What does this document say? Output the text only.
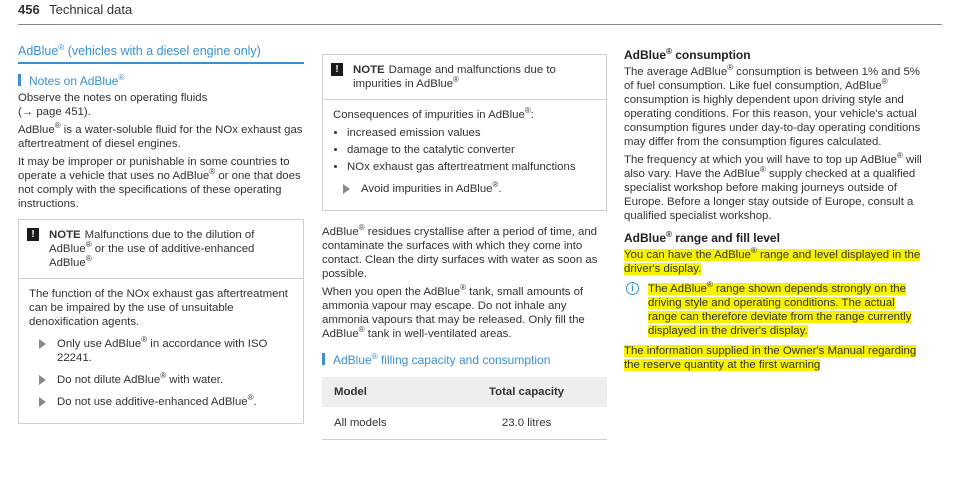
456 Technical data
AdBlue® (vehicles with a diesel engine only)
Notes on AdBlue®

Observe the notes on operating fluids
(→ page 451).

AdBlue® is a water-soluble fluid for the NOx exhaust gas aftertreatment of diesel engines.

It may be improper or punishable in some countries to operate a vehicle that uses no AdBlue® or one that does not comply with the specifications of these operating instructions.

!	NOTE Malfunctions due to the dilution of AdBlue® or the use of additive-enhanced AdBlue®

The function of the NOx exhaust gas aftertreatment can be impaired by the use of unsuitable denoxification agents.

Only use AdBlue® in accordance with ISO 22241.
Do not dilute AdBlue® with water.
Do not use additive-enhanced AdBlue®.
!	NOTE Damage and malfunctions due to impurities in AdBlue®

Consequences of impurities in AdBlue®:

• increased emission values
• damage to the catalytic converter
• NOx exhaust gas aftertreatment malfunctions
Avoid impurities in AdBlue®.

AdBlue® residues crystallise after a period of time, and contaminate the surfaces with which they come into contact. Clean the dirty surfaces with water as soon as possible.

When you open the AdBlue® tank, small amounts of ammonia vapour may escape. Do not inhale any ammonia vapours that may be released. Only fill the AdBlue® tank in well-ventilated areas.

AdBlue® filling capacity and consumption
Model	Total capacity
All models	23.0 litres
AdBlue® consumption

The average AdBlue® consumption is between 1% and 5% of fuel consumption. Like fuel consumption, AdBlue® consumption is highly dependent upon driving style and operating conditions. For this reason, your vehicle's actual consumption figures under day-to-day operating conditions may differ from the consumption figures calculated.

The frequency at which you will have to top up AdBlue® will also vary. Have the AdBlue® supply checked at a qualified specialist workshop before making journeys outside of Europe. Before a longer stay outside of Europe, consult a qualified specialist workshop.

AdBlue® range and fill level

You can have the AdBlue® range and level displayed in the driver's display.

i	The AdBlue® range shown depends strongly on the driving style and operating conditions. The actual range can therefore deviate from the range currently displayed in the driver's display.

The information supplied in the Owner's Manual regarding the reserve quantity at the first warning
